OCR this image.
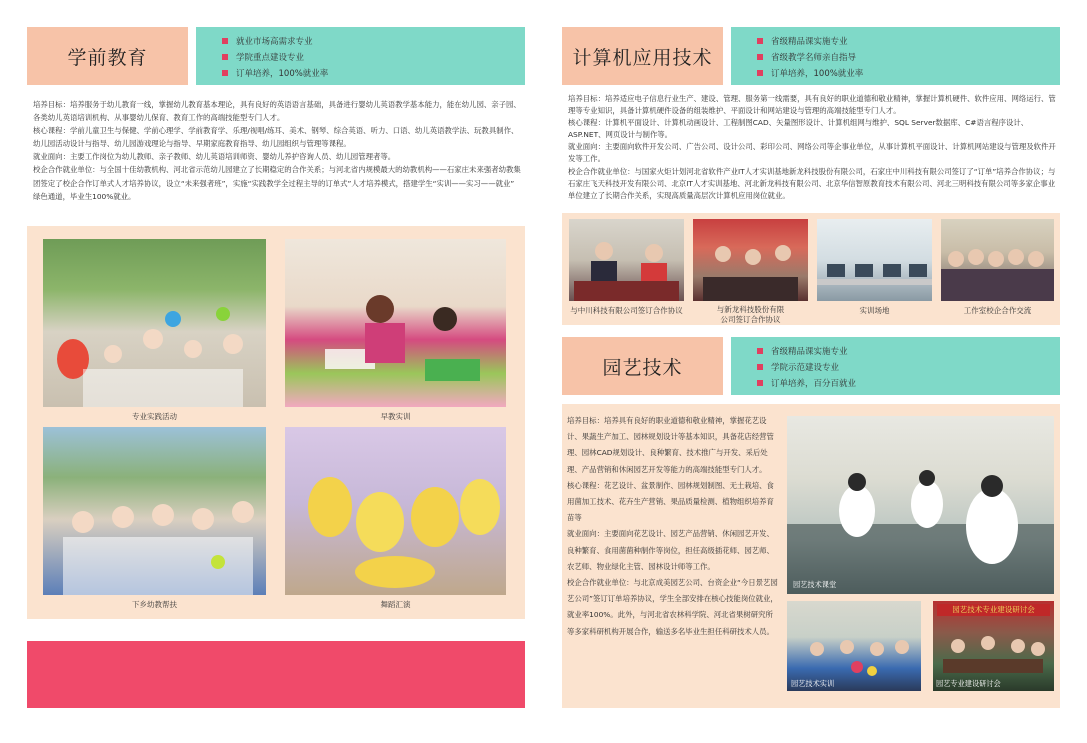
学前教育
就业市场高需求专业
学院重点建设专业
订单培养，100%就业率

培养目标：培养服务于幼儿教育一线，掌握幼儿教育基本理论，具有良好的英语语言基础，具备进行婴幼儿英语教学基本能力，能在幼儿园、亲子园、各类幼儿英语培训机构、从事婴幼儿保育、教育工作的高端技能型专门人才。

核心课程：学前儿童卫生与保健、学前心理学、学前教育学、乐理/视唱/练耳、美术、钢琴、综合英语、听力、口语、幼儿英语教学法、玩教具制作、幼儿园活动设计与指导、幼儿园游戏理论与指导、早期家庭教育指导、幼儿园组织与管理等课程。

就业面向：主要工作岗位为幼儿教师、亲子教师、幼儿英语培训师资、婴幼儿养护咨询人员、幼儿园管理者等。

校企合作就业单位：与全国十佳幼教机构、河北省示范幼儿园建立了长期稳定的合作关系；与河北省内规模最大的幼教机构——石家庄未来强者幼教集团签定了校企合作订单式人才培养协议，设立“未来强者班”，实施“实践教学全过程主导的订单式”人才培养模式，搭建学生“实训——实习——就业” 绿色通道，毕业生100%就业。

专业实践活动	早教实训
下乡幼教帮扶	舞蹈汇演
计算机应用技术
省级精品课实施专业
省级教学名师亲自指导
订单培养，100%就业率

培养目标：培养适应电子信息行业生产、建设、管理、服务第一线需要，具有良好的职业道德和敬业精神，掌握计算机硬件、软件应用、网络运行、管理等专业知识，具备计算机硬件设备的组装维护、平面设计和网站建设与管理的高端技能型专门人才。

核心课程：计算机平面设计、计算机动画设计、工程制图CAD、矢量图形设计、计算机组网与维护、SQL Server数据库、C#语言程序设计、ASP.NET、网页设计与制作等。

就业面向：主要面向软件开发公司、广告公司、设计公司、彩印公司、网络公司等企事业单位，从事计算机平面设计、计算机网站建设与管理及软件开发等工作。

校企合作就业单位：与国家火炬计划河北省软件产业IT人才实训基地新龙科技股份有限公司，石家庄中川科技有限公司签订了“订单”培养合作协议；与石家庄飞天科技开发有限公司、北京IT人才实训基地、河北新龙科技有限公司、北京华信智原教育技术有限公司、河北三明科技有限公司等多家企事业单位建立了长期合作关系，实现高质量高层次计算机应用岗位就业。

与中川科技有限公司签订合作协议	与新龙科技股份有限
公司签订合作协议
实训场地	工作室校企合作交流
园艺技术
省级精品课实施专业
学院示范建设专业
订单培养，百分百就业

培养目标：培养具有良好的职业道德和敬业精神，掌握花艺设计、果蔬生产加工、园林规划设计等基本知识，具备花店经营管理、园林CAD规划设计、良种繁育、技术推广与开发、采后处理、产品营销和休闲园艺开发等能力的高端技能型专门人才。

核心课程：花艺设计、盆景制作、园林规划制图、无土栽培、食用菌加工技术、花卉生产营销、果品质量检测、植物组织培养育苗等

就业面向：主要面向花艺设计、园艺产品营销、休闲园艺开发、良种繁育、食用菌菌种制作等岗位，担任高级插花师、园艺师、农艺师、物业绿化主管、园林设计师等工作。

校企合作就业单位：与北京成美园艺公司、台资企业“今日景艺园艺公司”签订订单培养协议，学生全部安排在核心技能岗位就业，就业率100%。此外，与河北省农林科学院、河北省果树研究所等多家科研机构开展合作，输送多名毕业生担任科研技术人员。

园艺技术课堂
园艺技术实训
园艺技术专业建设研讨会
园艺专业建设研讨会
